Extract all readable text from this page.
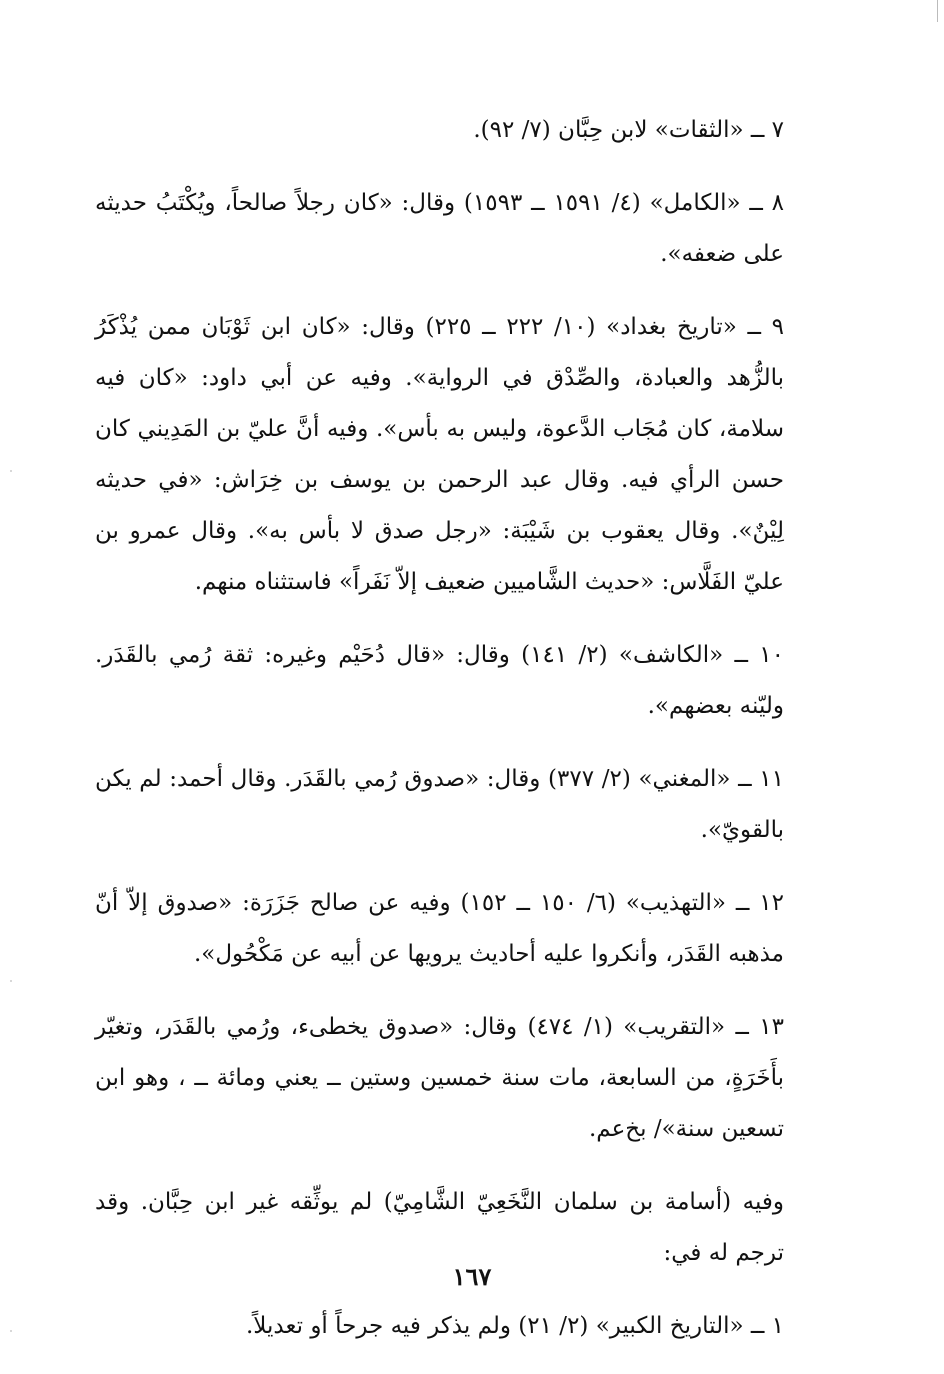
٧ ــ «الثقات» لابن حِبَّان (٧/ ٩٢).

٨ ــ «الكامل» (٤/ ١٥٩١ ــ ١٥٩٣) وقال: «كان رجلاً صالحاً، ويُكْتَبُ حديثه على ضعفه».

٩ ــ «تاريخ بغداد» (١٠/ ٢٢٢ ــ ٢٢٥) وقال: «كان ابن ثَوْبَان ممن يُذْكَرُ بالزُّهد والعبادة، والصِّدْق في الرواية». وفيه عن أبي داود: «كان فيه سلامة، كان مُجَاب الدَّعوة، وليس به بأس». وفيه أنَّ عليّ بن المَدِيني كان حسن الرأي فيه. وقال عبد الرحمن بن يوسف بن خِرَاش: «في حديثه لِيْنٌ». وقال يعقوب بن شَيْبَة: «رجل صدق لا بأس به». وقال عمرو بن عليّ الفَلَّاس: «حديث الشَّاميين ضعيف إلاّ نَفَراً» فاستثناه منهم.

١٠ ــ «الكاشف» (٢/ ١٤١) وقال: «قال دُحَيْم وغيره: ثقة رُمي بالقَدَر. وليّنه بعضهم».

١١ ــ «المغني» (٢/ ٣٧٧) وقال: «صدوق رُمي بالقَدَر. وقال أحمد: لم يكن بالقويّ».

١٢ ــ «التهذيب» (٦/ ١٥٠ ــ ١٥٢) وفيه عن صالح جَزَرَة: «صدوق إلاّ أنّ مذهبه القَدَر، وأنكروا عليه أحاديث يرويها عن أبيه عن مَكْحُول».

١٣ ــ «التقريب» (١/ ٤٧٤) وقال: «صدوق يخطىء، ورُمي بالقَدَر، وتغيّر بأَخَرَةٍ، من السابعة، مات سنة خمسين وستين ــ يعني ومائة ــ ، وهو ابن تسعين سنة»/ بخ‌عم.

وفيه (أسامة بن سلمان النَّخَعِيّ الشَّامِيّ) لم يوثِّقه غير ابن حِبَّان. وقد ترجم له في:

١ ــ «التاريخ الكبير» (٢/ ٢١) ولم يذكر فيه جرحاً أو تعديلاً.

١٦٧
